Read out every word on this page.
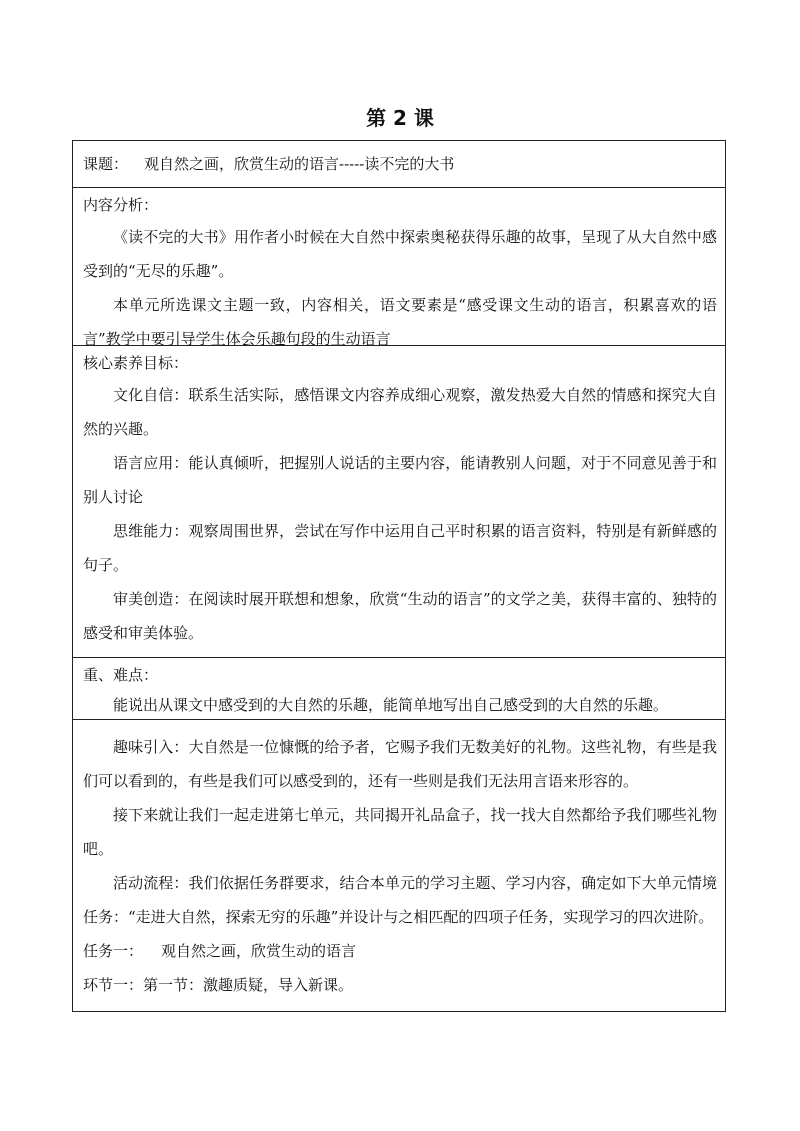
第 2 课
课题： 观自然之画，欣赏生动的语言-----读不完的大书
内容分析：

《读不完的大书》用作者小时候在大自然中探索奥秘获得乐趣的故事，呈现了从大自然中感受到的“无尽的乐趣”。

本单元所选课文主题一致，内容相关，语文要素是“感受课文生动的语言，积累喜欢的语言”教学中要引导学生体会乐趣句段的生动语言

核心素养目标：

文化自信：联系生活实际，感悟课文内容养成细心观察，激发热爱大自然的情感和探究大自然的兴趣。

语言应用：能认真倾听，把握别人说话的主要内容，能请教别人问题，对于不同意见善于和别人讨论

思维能力：观察周围世界，尝试在写作中运用自己平时积累的语言资料，特别是有新鲜感的句子。

审美创造：在阅读时展开联想和想象，欣赏“生动的语言”的文学之美，获得丰富的、独特的感受和审美体验。

重、难点：

能说出从课文中感受到的大自然的乐趣，能简单地写出自己感受到的大自然的乐趣。

趣味引入：大自然是一位慷慨的给予者，它赐予我们无数美好的礼物。这些礼物，有些是我们可以看到的，有些是我们可以感受到的，还有一些则是我们无法用言语来形容的。

接下来就让我们一起走进第七单元，共同揭开礼品盒子，找一找大自然都给予我们哪些礼物吧。

活动流程：我们依据任务群要求，结合本单元的学习主题、学习内容，确定如下大单元情境任务：“走进大自然，探索无穷的乐趣”并设计与之相匹配的四项子任务，实现学习的四次进阶。

任务一： 观自然之画，欣赏生动的语言
环节一：第一节：激趣质疑，导入新课。
